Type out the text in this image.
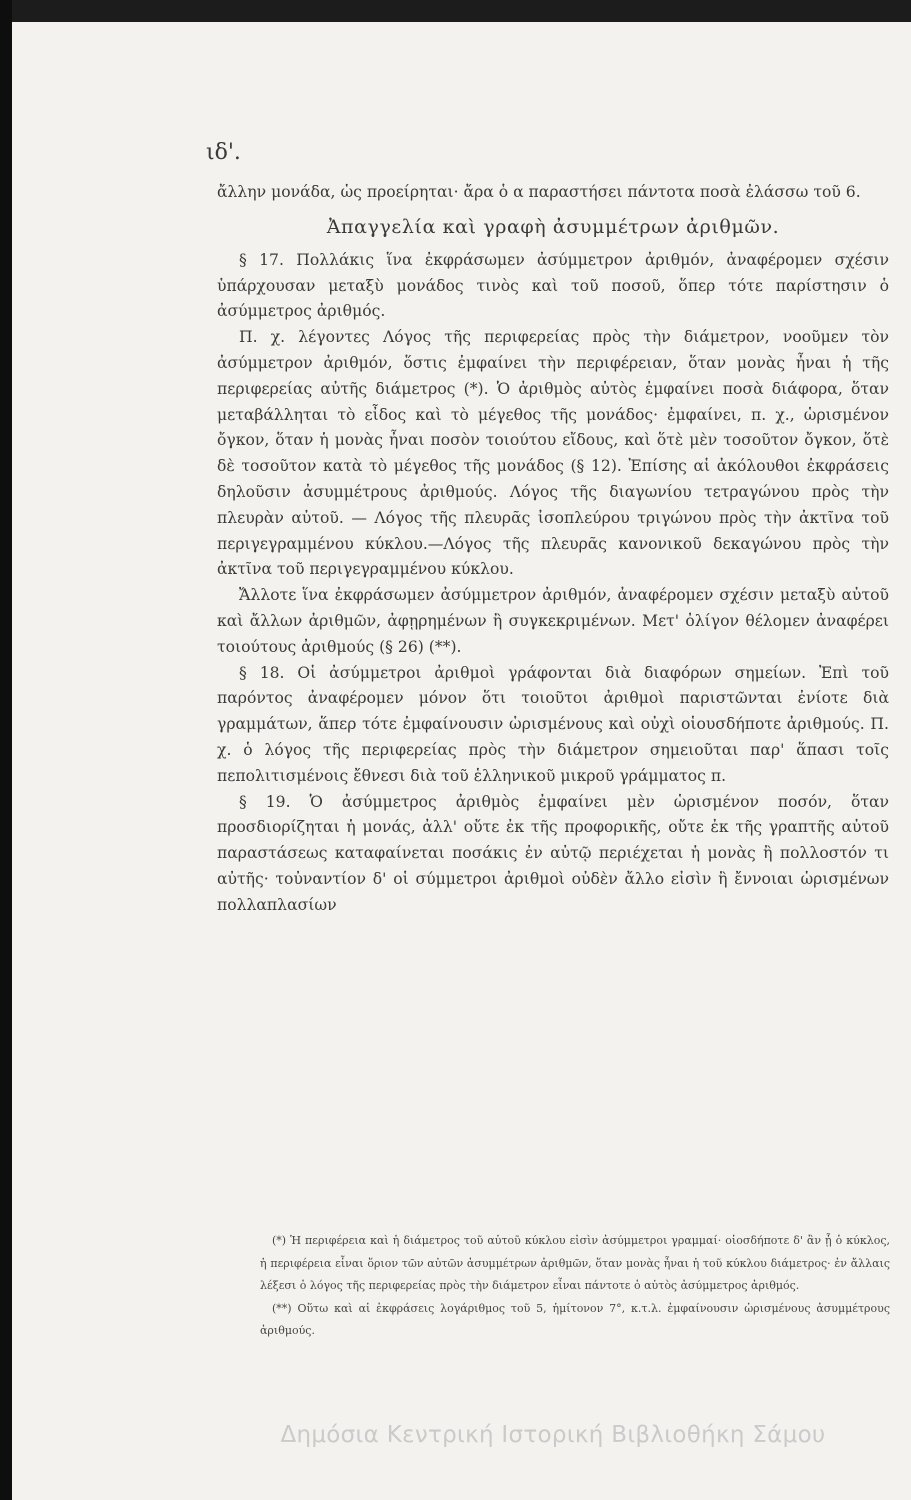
ιδ'.

ἄλλην μονάδα, ὡς προείρηται· ἄρα ὁ α παραστήσει πάντοτα ποσὰ ἐλάσσω τοῦ 6.

Ἀπαγγελία καὶ γραφὴ ἀσυμμέτρων ἀριθμῶν.

§ 17. Πολλάκις ἵνα ἐκφράσωμεν ἀσύμμετρον ἀριθμόν, ἀναφέρομεν σχέσιν ὑπάρχουσαν μεταξὺ μονάδος τινὸς καὶ τοῦ ποσοῦ, ὅπερ τότε παρίστησιν ὁ ἀσύμμετρος ἀριθμός.

Π. χ. λέγοντες Λόγος τῆς περιφερείας πρὸς τὴν διάμετρον, νοοῦμεν τὸν ἀσύμμετρον ἀριθμόν, ὅστις ἐμφαίνει τὴν περιφέρειαν, ὅταν μονὰς ἦναι ἡ τῆς περιφερείας αὐτῆς διάμετρος (*). Ὁ ἀριθμὸς αὐτὸς ἐμφαίνει ποσὰ διάφορα, ὅταν μεταβάλληται τὸ εἶδος καὶ τὸ μέγεθος τῆς μονάδος· ἐμφαίνει, π. χ., ὡρισμένον ὄγκον, ὅταν ἡ μονὰς ἦναι ποσὸν τοιούτου εἴδους, καὶ ὅτὲ μὲν τοσοῦτον ὄγκον, ὅτὲ δὲ τοσοῦτον κατὰ τὸ μέγεθος τῆς μονάδος (§ 12). Ἐπίσης αἱ ἀκόλουθοι ἐκφράσεις δηλοῦσιν ἀσυμμέτρους ἀριθμούς. Λόγος τῆς διαγωνίου τετραγώνου πρὸς τὴν πλευρὰν αὐτοῦ. — Λόγος τῆς πλευρᾶς ἰσοπλεύρου τριγώνου πρὸς τὴν ἀκτῖνα τοῦ περιγεγραμμένου κύκλου.—Λόγος τῆς πλευρᾶς κανονικοῦ δεκαγώνου πρὸς τὴν ἀκτῖνα τοῦ περιγεγραμμένου κύκλου.

Ἄλλοτε ἵνα ἐκφράσωμεν ἀσύμμετρον ἀριθμόν, ἀναφέρομεν σχέσιν μεταξὺ αὐτοῦ καὶ ἄλλων ἀριθμῶν, ἀφῃρημένων ἢ συγκεκριμένων. Μετ' ὀλίγον θέλομεν ἀναφέρει τοιούτους ἀριθμούς (§ 26) (**).

§ 18. Οἱ ἀσύμμετροι ἀριθμοὶ γράφονται διὰ διαφόρων σημείων. Ἐπὶ τοῦ παρόντος ἀναφέρομεν μόνον ὅτι τοιοῦτοι ἀριθμοὶ παριστῶνται ἐνίοτε διὰ γραμμάτων, ἅπερ τότε ἐμφαίνουσιν ὡρισμένους καὶ οὐχὶ οἱουσδήποτε ἀριθμούς. Π. χ. ὁ λόγος τῆς περιφερείας πρὸς τὴν διάμετρον σημειοῦται παρ' ἅπασι τοῖς πεπολιτισμένοις ἔθνεσι διὰ τοῦ ἑλληνικοῦ μικροῦ γράμματος π.

§ 19. Ὁ ἀσύμμετρος ἀριθμὸς ἐμφαίνει μὲν ὡρισμένον ποσόν, ὅταν προσδιορίζηται ἡ μονάς, ἀλλ' οὔτε ἐκ τῆς προφορικῆς, οὔτε ἐκ τῆς γραπτῆς αὐτοῦ παραστάσεως καταφαίνεται ποσάκις ἐν αὐτῷ περιέχεται ἡ μονὰς ἢ πολλοστόν τι αὐτῆς· τοὐναντίον δ' οἱ σύμμετροι ἀριθμοὶ οὐδὲν ἄλλο εἰσὶν ἢ ἔννοιαι ὡρισμένων πολλαπλασίων

(*) Ἡ περιφέρεια καὶ ἡ διάμετρος τοῦ αὐτοῦ κύκλου εἰσὶν ἀσύμμετροι γραμμαί· οἱοσδήποτε δ' ἂν ᾖ ὁ κύκλος, ἡ περιφέρεια εἶναι ὅριον τῶν αὐτῶν ἀσυμμέτρων ἀριθμῶν, ὅταν μονὰς ἦναι ἡ τοῦ κύκλου διάμετρος· ἐν ἄλλαις λέξεσι ὁ λόγος τῆς περιφερείας πρὸς τὴν διάμετρον εἶναι πάντοτε ὁ αὐτὸς ἀσύμμετρος ἀριθμός.

(**) Οὕτω καὶ αἱ ἐκφράσεις λογάριθμος τοῦ 5, ἡμίτονον 7°, κ.τ.λ. ἐμφαίνουσιν ὡρισμένους ἀσυμμέτρους ἀριθμούς.

Δημόσια Κεντρική Ιστορική Βιβλιοθήκη Σάμου
